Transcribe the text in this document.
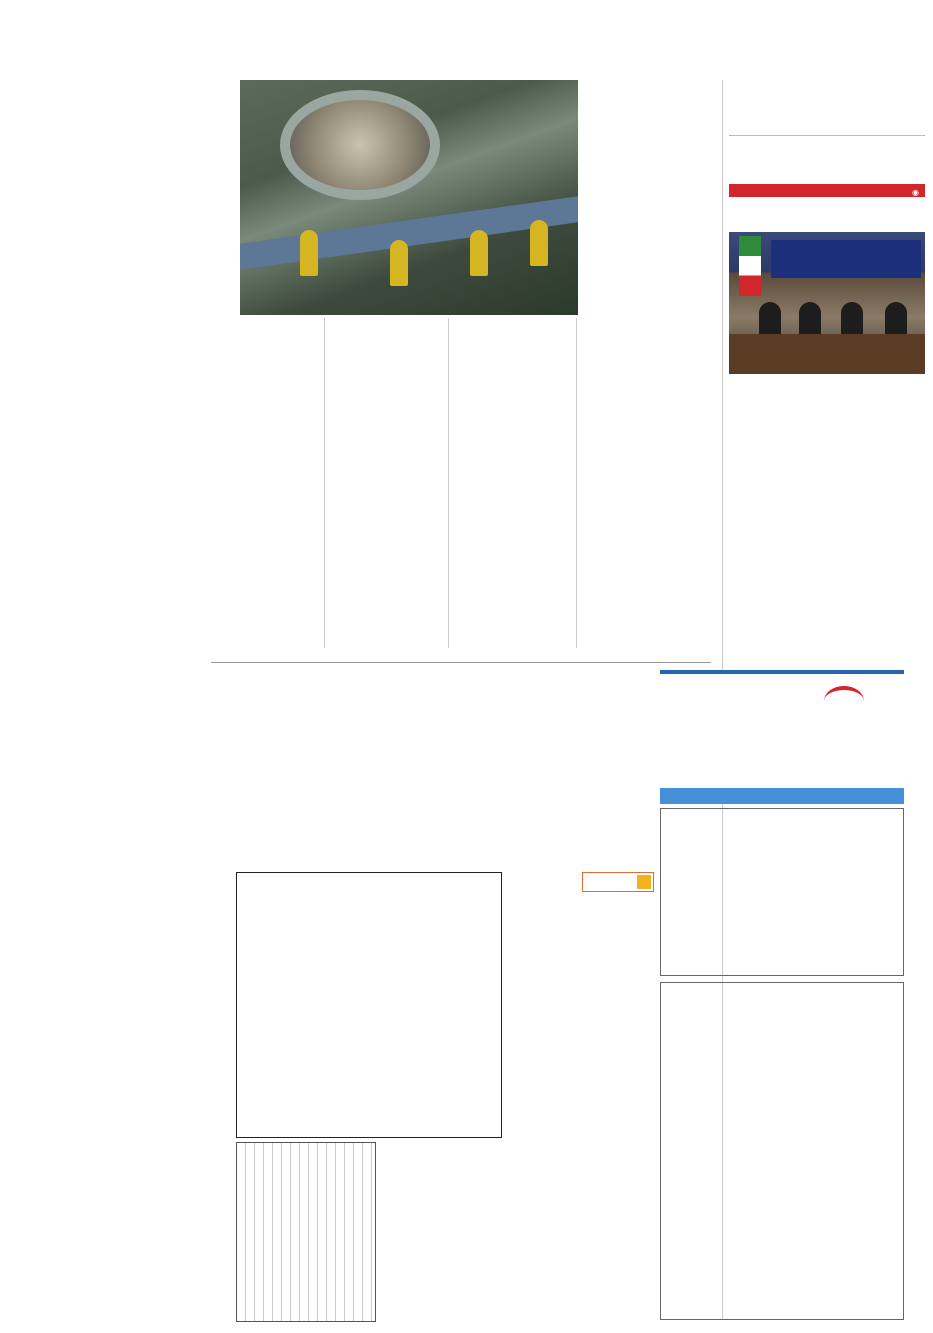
◉
